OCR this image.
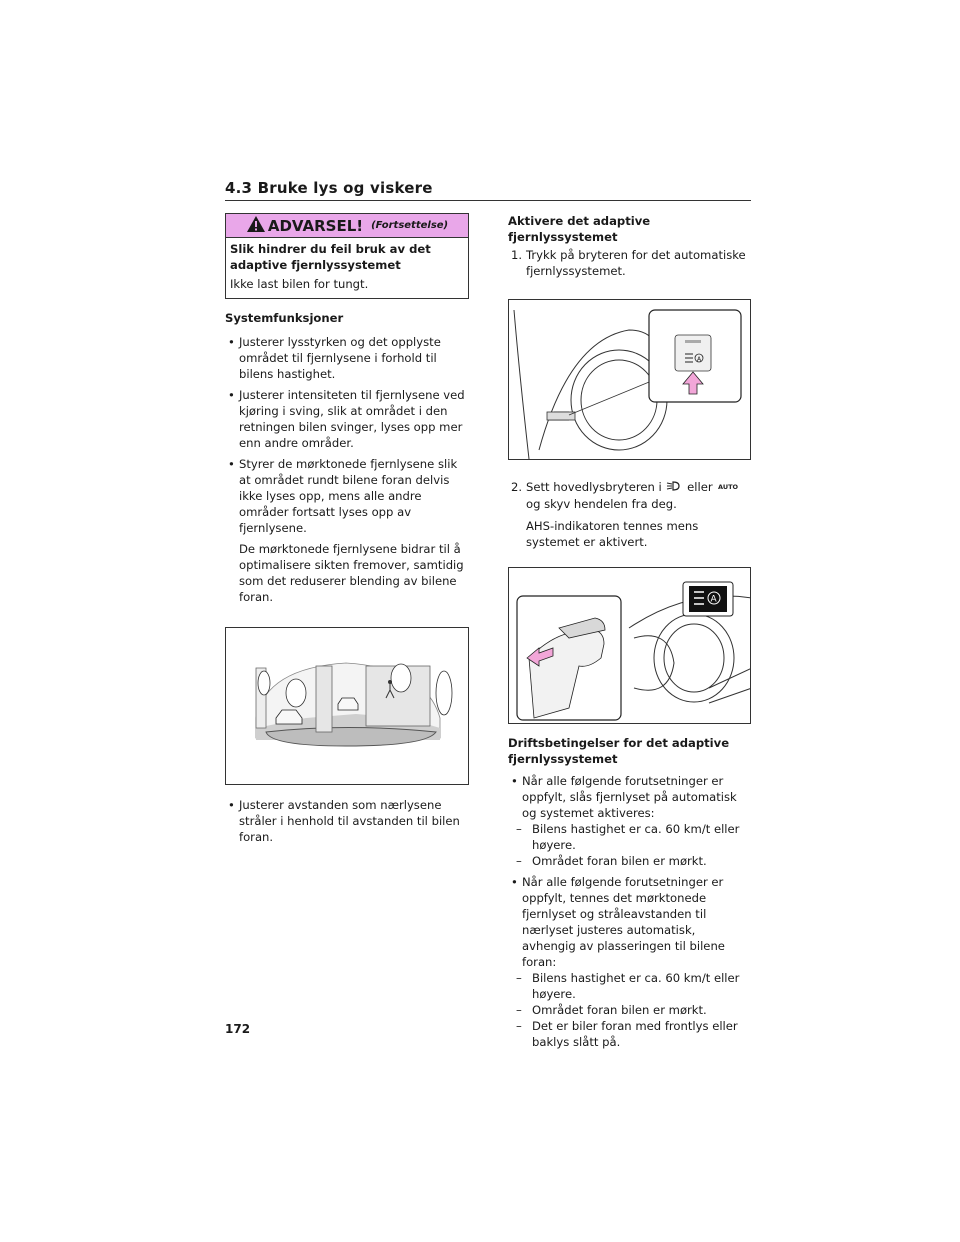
4.3 Bruke lys og viskere
ADVARSEL! (Fortsettelse)
Slik hindrer du feil bruk av det adaptive fjernlyssystemet
Ikke last bilen for tungt.
Systemfunksjoner
• Justerer lysstyrken og det opplyste området til fjernlysene i forhold til bilens hastighet.
• Justerer intensiteten til fjernlysene ved kjøring i sving, slik at området i den retningen bilen svinger, lyses opp mer enn andre områder.
• Styrer de mørktonede fjernlysene slik at området rundt bilene foran delvis ikke lyses opp, mens alle andre områder fortsatt lyses opp av fjernlysene.
De mørktonede fjernlysene bidrar til å optimalisere sikten fremover, samtidig som det reduserer blending av bilene foran.
• Justerer avstanden som nærlysene stråler i henhold til avstanden til bilen foran.
Aktivere det adaptive fjernlyssystemet
1. Trykk på bryteren for det automatiske fjernlyssystemet.
A
2. Sett hovedlysbryteren i eller AUTO

og skyv hendelen fra deg.
AHS-indikatoren tennes mens systemet er aktivert.
A
Driftsbetingelser for det adaptive fjernlyssystemet
• Når alle følgende forutsetninger er oppfylt, slås fjernlyset på automatisk og systemet aktiveres:
– Bilens hastighet er ca. 60 km/t eller høyere.
– Området foran bilen er mørkt.
• Når alle følgende forutsetninger er oppfylt, tennes det mørktonede fjernlyset og stråleavstanden til nærlyset justeres automatisk, avhengig av plasseringen til bilene foran:
– Bilens hastighet er ca. 60 km/t eller høyere.
– Området foran bilen er mørkt.
– Det er biler foran med frontlys eller baklys slått på.
172
